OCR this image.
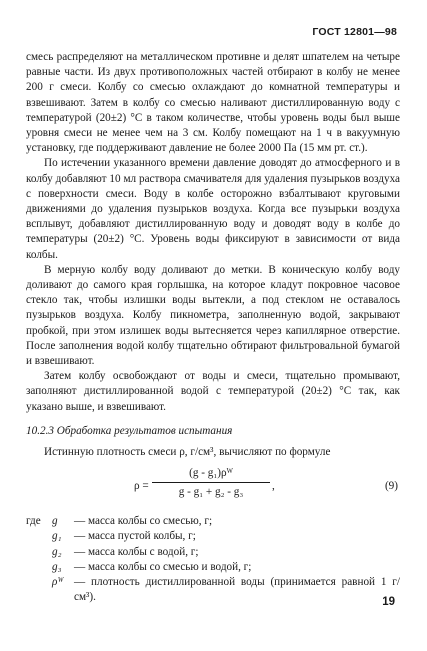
ГОСТ 12801—98

смесь распределяют на металлическом противне и делят шпателем на четыре равные части. Из двух противоположных частей отбирают в колбу не менее 200 г смеси. Колбу со смесью охлаждают до комнатной температуры и взвешивают. Затем в колбу со смесью наливают дистиллированную воду с температурой (20±2) °С в таком количестве, чтобы уровень воды был выше уровня смеси не менее чем на 3 см. Колбу помещают на 1 ч в вакуумную установку, где поддерживают давление не более 2000 Па (15 мм рт. ст.).

По истечении указанного времени давление доводят до атмосферного и в колбу добавляют 10 мл раствора смачивателя для удаления пузырьков воздуха с поверхности смеси. Воду в колбе осторожно взбалтывают круговыми движениями до удаления пузырьков воздуха. Когда все пузырьки воздуха всплывут, добавляют дистиллированную воду и доводят воду в колбе до температуры (20±2) °С. Уровень воды фиксируют в зависимости от вида колбы.

В мерную колбу воду доливают до метки. В коническую колбу воду доливают до самого края горлышка, на которое кладут покровное часовое стекло так, чтобы излишки воды вытекли, а под стеклом не оставалось пузырьков воздуха. Колбу пикнометра, заполненную водой, закрывают пробкой, при этом излишек воды вытесняется через капиллярное отверстие. После заполнения водой колбу тщательно обтирают фильтровальной бумагой и взвешивают.

Затем колбу освобождают от воды и смеси, тщательно промывают, заполняют дистиллированной водой с температурой (20±2) °С так, как указано выше, и взвешивают.

10.2.3 Обработка результатов испытания

Истинную плотность смеси ρ, г/см³, вычисляют по формуле

$\rho = \frac{\text{(g - g₁)ρᵂ}}{\text{g - g₁ + g₂ - g₃}}$ ,	(9)
где	g	— масса колбы со смесью, г;
g₁	— масса пустой колбы, г;
g₂	— масса колбы с водой, г;
g₃	— масса колбы со смесью и водой, г;
ρᵂ — плотность дистиллированной воды (принимается равной 1 г/см³).	19
